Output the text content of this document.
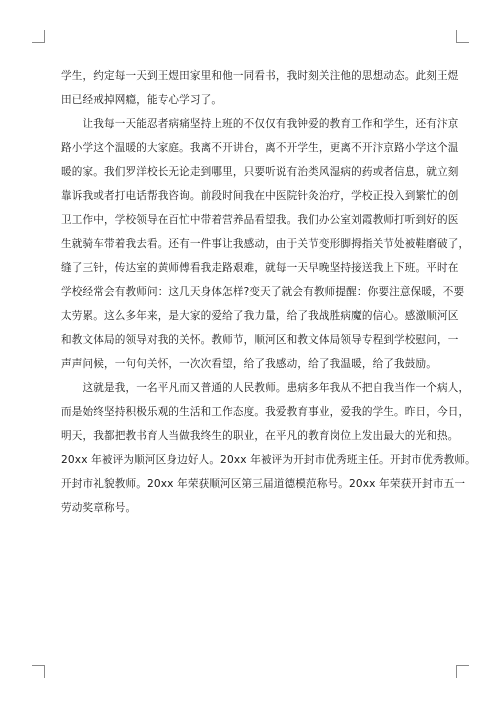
学生，约定每一天到王煜田家里和他一同看书，我时刻关注他的思想动态。此刻王煜
田已经戒掉网瘾，能专心学习了。

让我每一天能忍者病痛坚持上班的不仅仅有我钟爱的教育工作和学生，还有汴京
路小学这个温暖的大家庭。我离不开讲台，离不开学生，更离不开汴京路小学这个温
暖的家。我们罗洋校长无论走到哪里，只要听说有治类风湿病的药或者信息，就立刻
靠诉我或者打电话帮我咨询。前段时间我在中医院针灸治疗，学校正投入到繁忙的创
卫工作中，学校领导在百忙中带着营养品看望我。我们办公室刘霞教师打听到好的医
生就骑车带着我去看。还有一件事让我感动，由于关节变形脚拇指关节处被鞋磨破了，
缝了三针，传达室的黄师傅看我走路艰难，就每一天早晚坚持接送我上下班。平时在
学校经常会有教师问：这几天身体怎样?变天了就会有教师提醒：你要注意保暖，不要
太劳累。这么多年来，是大家的爱给了我力量，给了我战胜病魔的信心。感激顺河区
和教文体局的领导对我的关怀。教师节，顺河区和教文体局领导专程到学校慰问，一
声声问候，一句句关怀，一次次看望，给了我感动，给了我温暖，给了我鼓励。

这就是我，一名平凡而又普通的人民教师。患病多年我从不把自我当作一个病人，
而是始终坚持积极乐观的生活和工作态度。我爱教育事业，爱我的学生。昨日，今日，
明天，我都把教书育人当做我终生的职业，在平凡的教育岗位上发出最大的光和热。
20xx 年被评为顺河区身边好人。20xx 年被评为开封市优秀班主任。开封市优秀教师。
开封市礼貌教师。20xx 年荣获顺河区第三届道德模范称号。20xx 年荣获开封市五一
劳动奖章称号。
